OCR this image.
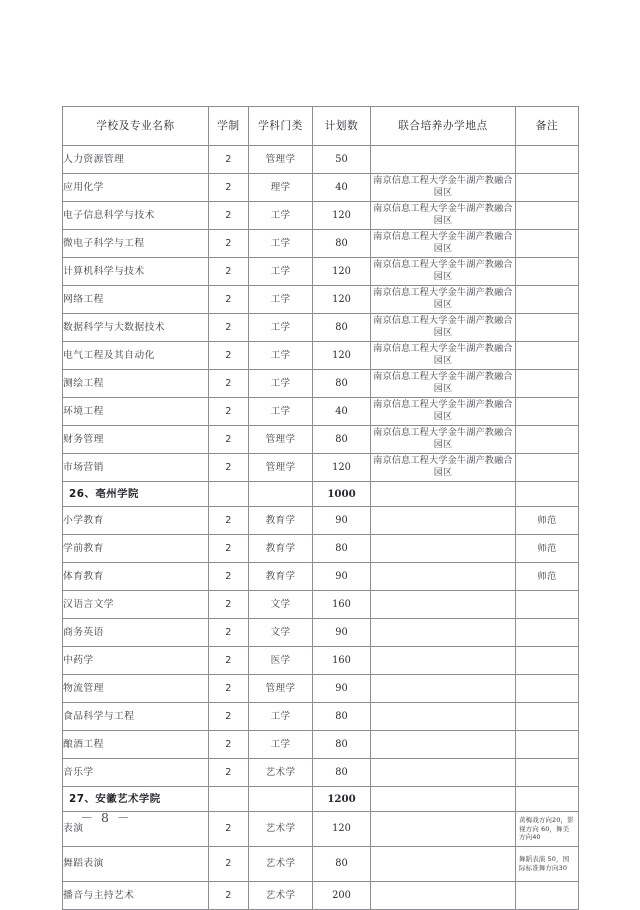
学校及专业名称	学制	学科门类	计划数	联合培养办学地点	备注
人力资源管理	2	管理学	50		
应用化学	2	理学	40	南京信息工程大学金牛湖产教融合园区	
电子信息科学与技术	2	工学	120	南京信息工程大学金牛湖产教融合园区	
微电子科学与工程	2	工学	80	南京信息工程大学金牛湖产教融合园区	
计算机科学与技术	2	工学	120	南京信息工程大学金牛湖产教融合园区	
网络工程	2	工学	120	南京信息工程大学金牛湖产教融合园区	
数据科学与大数据技术	2	工学	80	南京信息工程大学金牛湖产教融合园区	
电气工程及其自动化	2	工学	120	南京信息工程大学金牛湖产教融合园区	
测绘工程	2	工学	80	南京信息工程大学金牛湖产教融合园区	
环境工程	2	工学	40	南京信息工程大学金牛湖产教融合园区	
财务管理	2	管理学	80	南京信息工程大学金牛湖产教融合园区	
市场营销	2	管理学	120	南京信息工程大学金牛湖产教融合园区	
26、亳州学院			1000		
小学教育	2	教育学	90		师范
学前教育	2	教育学	80		师范
体育教育	2	教育学	90		师范
汉语言文学	2	文学	160		
商务英语	2	文学	90		
中药学	2	医学	160		
物流管理	2	管理学	90		
食品科学与工程	2	工学	80		
酿酒工程	2	工学	80		
音乐学	2	艺术学	80		
27、安徽艺术学院			1200		
表演	2	艺术学	120		黄梅戏方向20，影视方向 60，舞美方向40
舞蹈表演	2	艺术学	80		舞蹈表演 50，国际标准舞方向30
播音与主持艺术	2	艺术学	200		
－ 8 －
